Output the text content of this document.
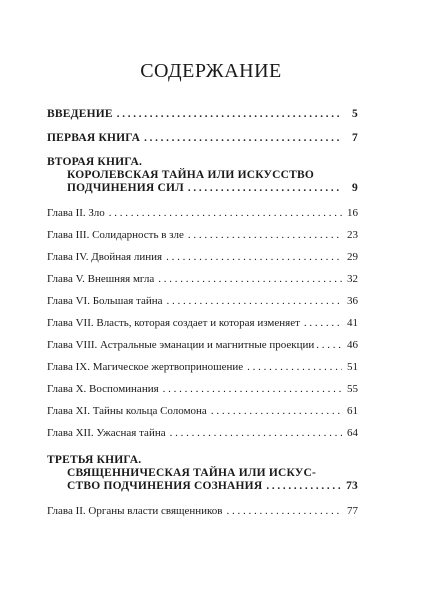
СОДЕРЖАНИЕ
ВВЕДЕНИЕ . . .	5
ПЕРВАЯ КНИГА . . .	7
ВТОРАЯ КНИГА.
КОРОЛЕВСКАЯ ТАЙНА ИЛИ ИСКУССТВО
ПОДЧИНЕНИЯ СИЛ . . .	9
Глава II. Зло . . .	16
Глава III. Солидарность в зле . . .	23
Глава IV. Двойная линия . . .	29
Глава V. Внешняя мгла . . .	32
Глава VI. Большая тайна . . .	36
Глава VII. Власть, которая создает и которая изменяет . . .	41
Глава VIII. Астральные эманации и магнитные проекции . . .	46
Глава IX. Магическое жертвоприношение . . .	51
Глава X. Воспоминания . . .	55
Глава XI. Тайны кольца Соломона . . .	61
Глава XII. Ужасная тайна . . .	64
ТРЕТЬЯ КНИГА.
СВЯЩЕННИЧЕСКАЯ ТАЙНА ИЛИ ИСКУС-
СТВО ПОДЧИНЕНИЯ СОЗНАНИЯ . . .	73
Глава II. Органы власти священников . . .	77
